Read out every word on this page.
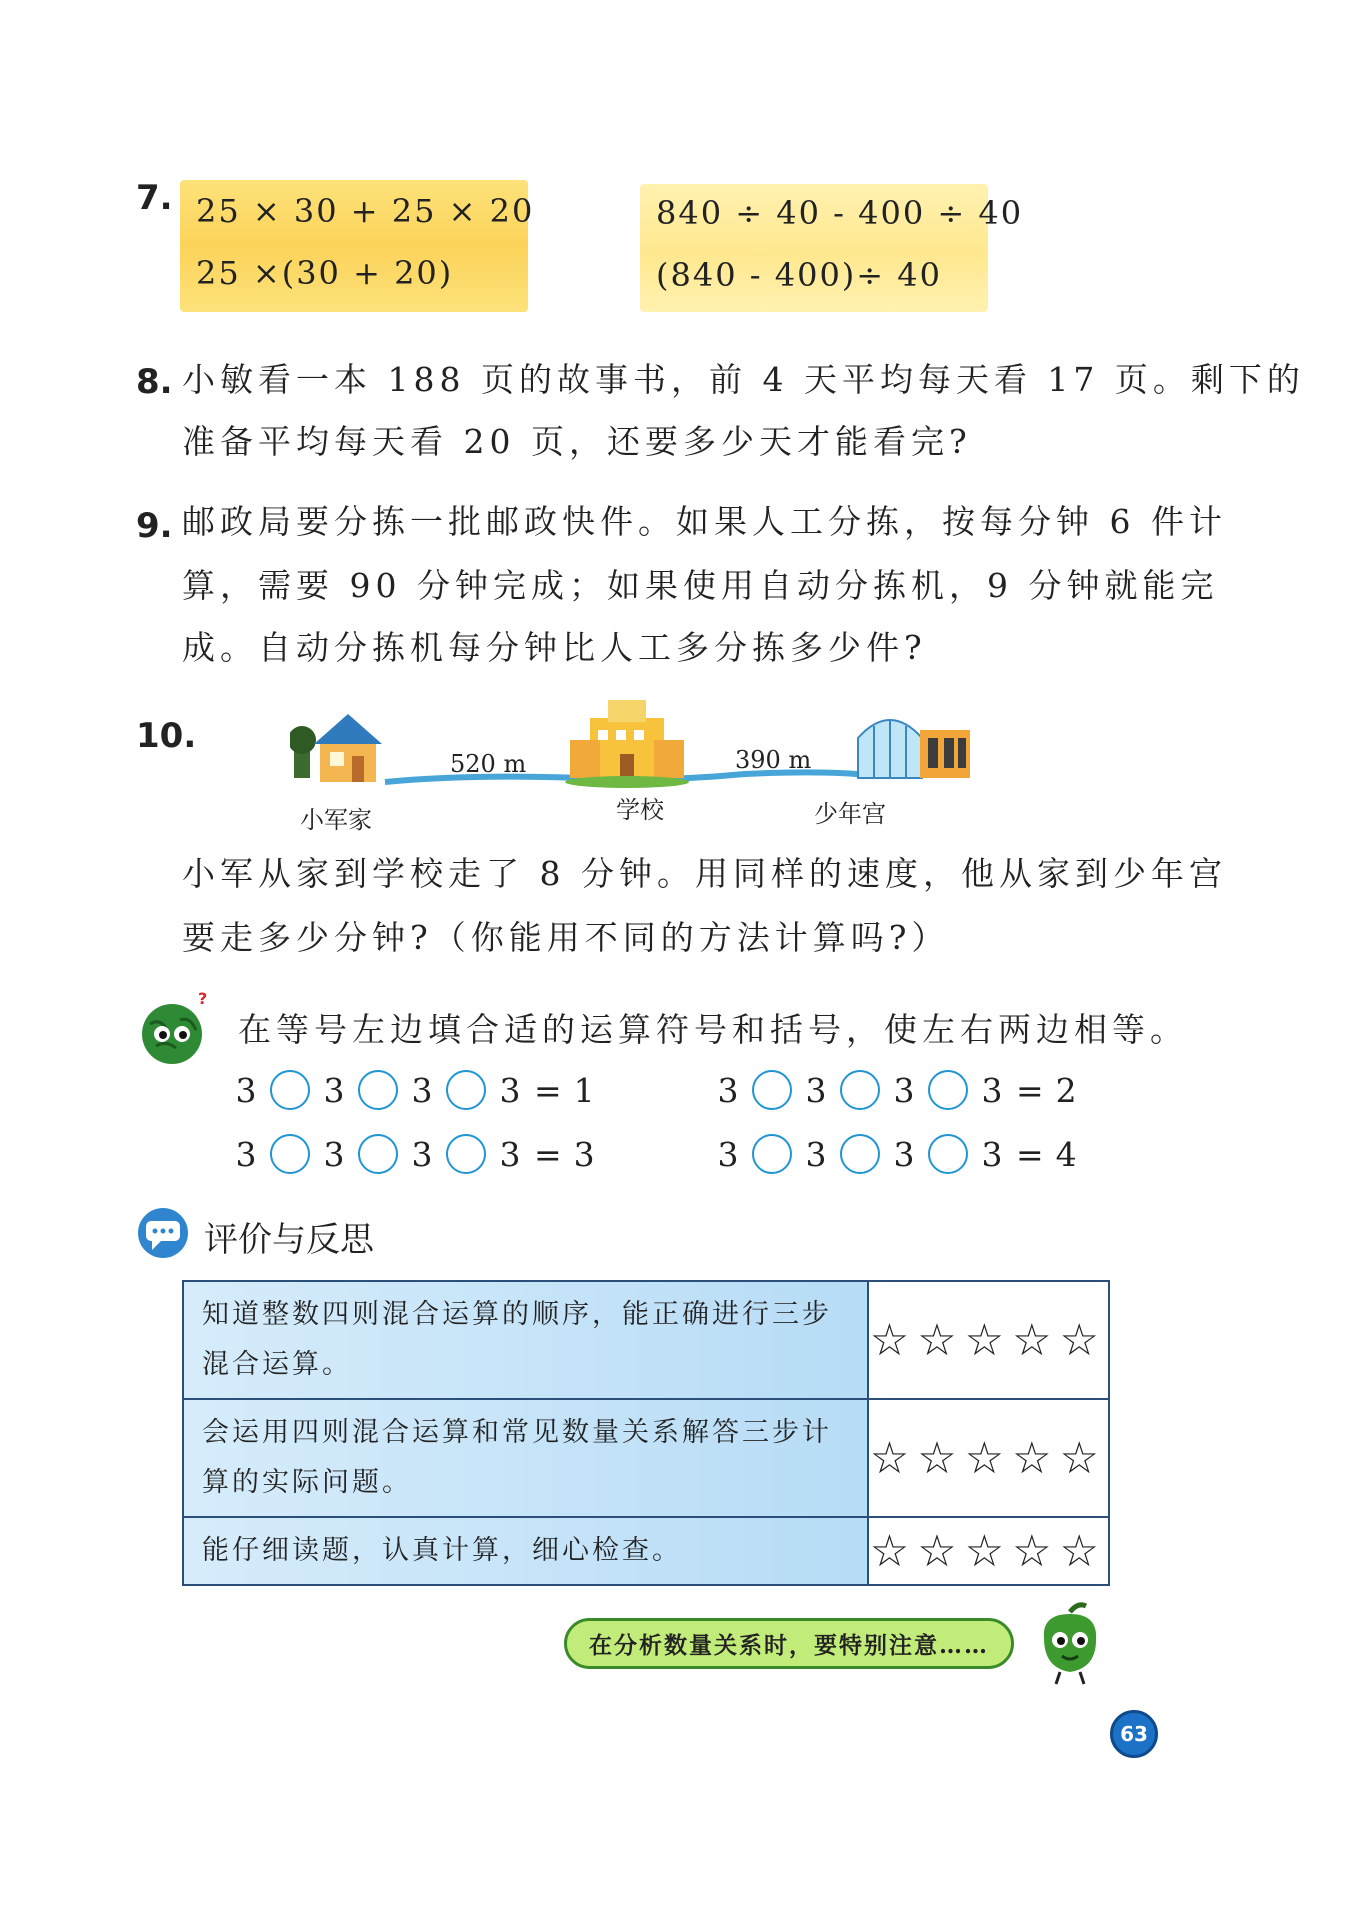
7. 25 × 30 + 25 × 20
25 ×(30 + 20)
840 ÷ 40 - 400 ÷ 40
(840 - 400)÷ 40
8. 小敏看一本 188 页的故事书，前 4 天平均每天看 17 页。剩下的
准备平均每天看 20 页，还要多少天才能看完?
9. 邮政局要分拣一批邮政快件。如果人工分拣，按每分钟 6 件计
算，需要 90 分钟完成；如果使用自动分拣机，9 分钟就能完
成。自动分拣机每分钟比人工多分拣多少件?
10.
520 m	390 m
小军家	学校	少年宫
小军从家到学校走了 8 分钟。用同样的速度，他从家到少年宫
要走多少分钟?（你能用不同的方法计算吗?）
?
在等号左边填合适的运算符号和括号，使左右两边相等。
3 3 3 3 = 1	3 3 3 3 = 2
3 3 3 3 = 3	3 3 3 3 = 4
评价与反思
知道整数四则混合运算的顺序，能正确进行三步混合运算。	☆☆☆☆☆
会运用四则混合运算和常见数量关系解答三步计算的实际问题。	☆☆☆☆☆
能仔细读题，认真计算，细心检查。	☆☆☆☆☆
在分析数量关系时，要特别注意……
63
